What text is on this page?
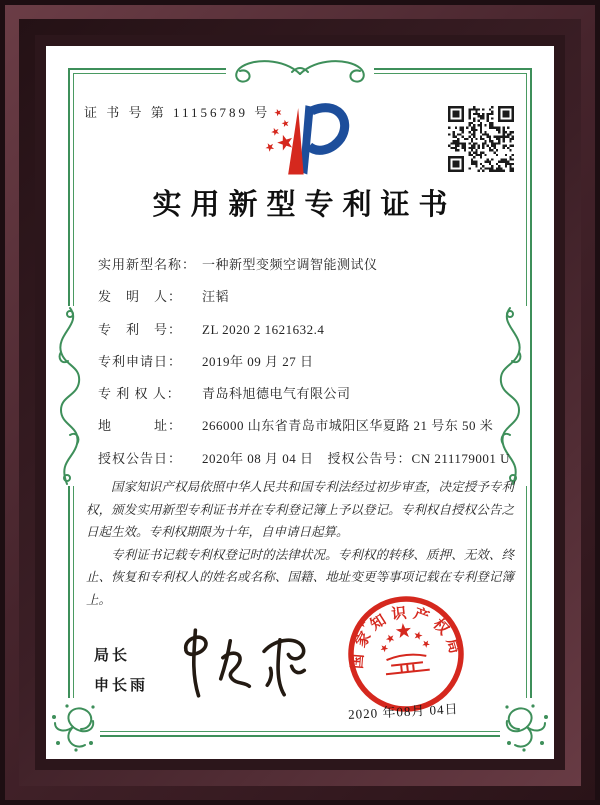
证 书 号 第 11156789 号
实用新型专利证书
实用新型名称： 一种新型变频空调智能测试仪
发　明　人： 汪韬
专　利　号： ZL 2020 2 1621632.4
专利申请日： 2019年 09 月 27 日
专 利 权 人： 青岛科旭德电气有限公司
地　　　址： 266000 山东省青岛市城阳区华夏路 21 号东 50 米
授权公告日： 2020年 08 月 04 日 授权公告号：CN 211179001 U

国家知识产权局依照中华人民共和国专利法经过初步审查，决定授予专利权，颁发实用新型专利证书并在专利登记簿上予以登记。专利权自授权公告之日起生效。专利权期限为十年，自申请日起算。

专利证书记载专利权登记时的法律状况。专利权的转移、质押、无效、终止、恢复和专利权人的姓名或名称、国籍、地址变更等事项记载在专利登记簿上。

局长
申长雨
国家知识产权局
2020 年08月 04日
